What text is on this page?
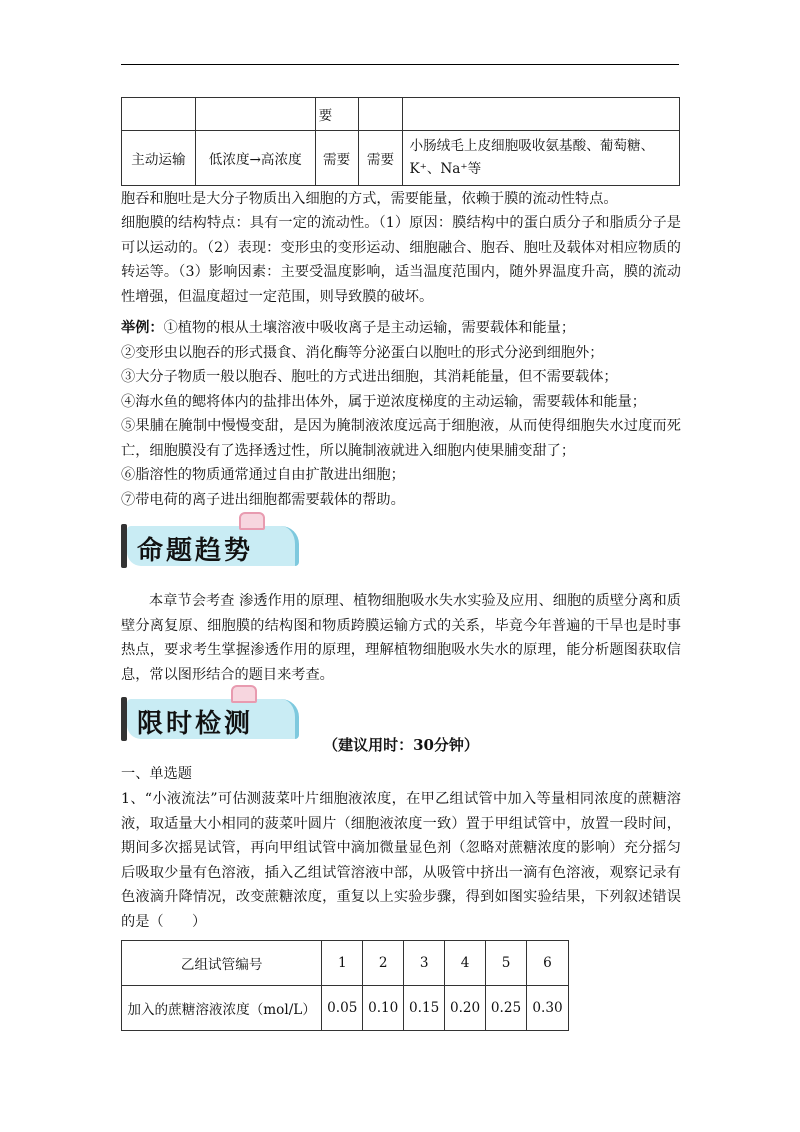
		要		
主动运输	低浓度→高浓度	需要	需要	小肠绒毛上皮细胞吸收氨基酸、葡萄糖、K⁺、Na⁺等

胞吞和胞吐是大分子物质出入细胞的方式，需要能量，依赖于膜的流动性特点。

细胞膜的结构特点：具有一定的流动性。（1）原因：膜结构中的蛋白质分子和脂质分子是可以运动的。（2）表现：变形虫的变形运动、细胞融合、胞吞、胞吐及载体对相应物质的转运等。（3）影响因素：主要受温度影响，适当温度范围内，随外界温度升高，膜的流动性增强，但温度超过一定范围，则导致膜的破坏。

举例：①植物的根从土壤溶液中吸收离子是主动运输，需要载体和能量；
②变形虫以胞吞的形式摄食、消化酶等分泌蛋白以胞吐的形式分泌到细胞外；
③大分子物质一般以胞吞、胞吐的方式进出细胞，其消耗能量，但不需要载体；
④海水鱼的鳃将体内的盐排出体外，属于逆浓度梯度的主动运输，需要载体和能量；
⑤果脯在腌制中慢慢变甜，是因为腌制液浓度远高于细胞液，从而使得细胞失水过度而死亡，细胞膜没有了选择透过性，所以腌制液就进入细胞内使果脯变甜了；
⑥脂溶性的物质通常通过自由扩散进出细胞；
⑦带电荷的离子进出细胞都需要载体的帮助。
命题趋势

本章节会考查 渗透作用的原理、植物细胞吸水失水实验及应用、细胞的质壁分离和质壁分离复原、细胞膜的结构图和物质跨膜运输方式的关系，毕竟今年普遍的干旱也是时事热点，要求考生掌握渗透作用的原理，理解植物细胞吸水失水的原理，能分析题图获取信息，常以图形结合的题目来考查。

限时检测
（建议用时：30分钟）

一、单选题

1、“小液流法”可估测菠菜叶片细胞液浓度，在甲乙组试管中加入等量相同浓度的蔗糖溶液，取适量大小相同的菠菜叶圆片（细胞液浓度一致）置于甲组试管中，放置一段时间，期间多次摇晃试管，再向甲组试管中滴加微量显色剂（忽略对蔗糖浓度的影响）充分摇匀后吸取少量有色溶液，插入乙组试管溶液中部，从吸管中挤出一滴有色溶液，观察记录有色液滴升降情况，改变蔗糖浓度，重复以上实验步骤，得到如图实验结果，下列叙述错误的是（　　）

乙组试管编号	1	2	3	4	5	6
加入的蔗糖溶液浓度（mol/L）	0.05	0.10	0.15	0.20	0.25	0.30
